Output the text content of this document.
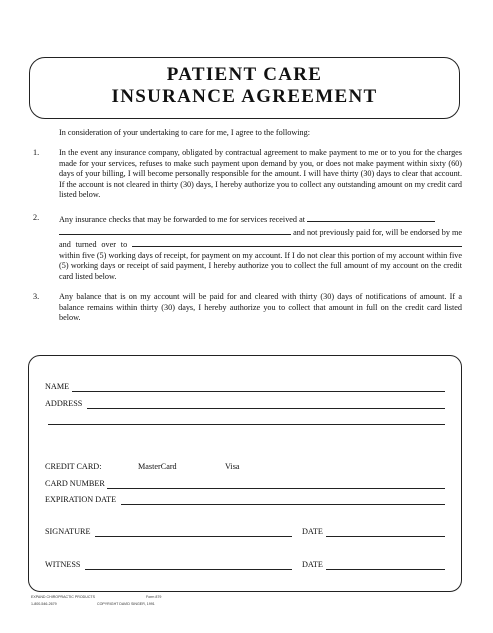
PATIENT CARE
INSURANCE AGREEMENT
In consideration of your undertaking to care for me, I agree to the following:
1. In the event any insurance company, obligated by contractual agreement to make payment to me or to you for the charges made for your services, refuses to make such payment upon demand by you, or does not make payment within sixty (60) days of your billing, I will become personally responsible for the amount. I will have thirty (30) days to clear that account. If the account is not cleared in thirty (30) days, I hereby authorize you to collect any outstanding amount on my credit card listed below.

2. Any insurance checks that may be forwarded to me for services received at
and not previously paid for, will be endorsed by me and turned over to  within five (5) working days of receipt, for payment on my account. If I do not clear this portion of my account within five (5) working days or receipt of said payment, I hereby authorize you to collect the full amount of my account on the credit card listed below.

3. Any balance that is on my account will be paid for and cleared with thirty (30) days of notifications of amount. If a balance remains within thirty (30) days, I hereby authorize you to collect that amount in full on the credit card listed below.

NAME
ADDRESS
CREDIT CARD:	MasterCard	Visa
CARD NUMBER
EXPIRATION DATE
SIGNATURE	DATE
WITNESS	DATE
EXPAND CHIROPRACTIC PRODUCTS	Form 879
1-800-546-2679	COPYRIGHT DAVID SINGER, 1991
